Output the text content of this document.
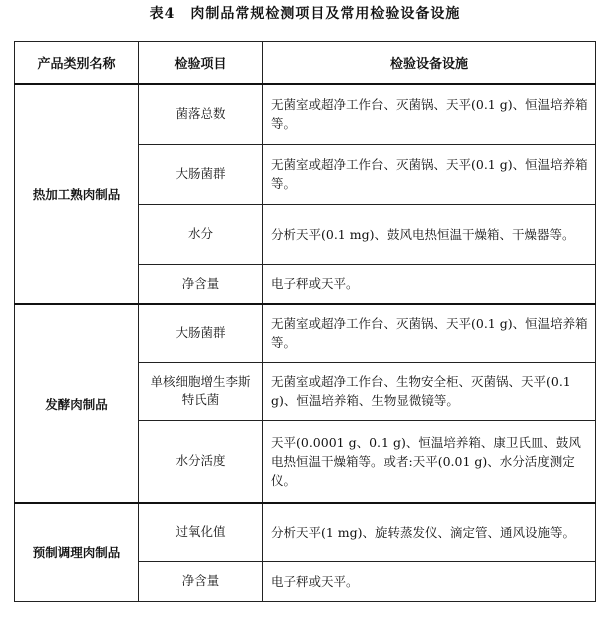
表4　肉制品常规检测项目及常用检验设备设施
产品类别名称	检验项目	检验设备设施
热加工熟肉制品	菌落总数	无菌室或超净工作台、灭菌锅、天平(0.1 g)、恒温培养箱等。
	大肠菌群	无菌室或超净工作台、灭菌锅、天平(0.1 g)、恒温培养箱等。
	水分	分析天平(0.1 mg)、鼓风电热恒温干燥箱、干燥器等。
	净含量	电子秤或天平。
发酵肉制品	大肠菌群	无菌室或超净工作台、灭菌锅、天平(0.1 g)、恒温培养箱等。
	单核细胞增生李斯特氏菌	无菌室或超净工作台、生物安全柜、灭菌锅、天平(0.1 g)、恒温培养箱、生物显微镜等。
	水分活度	天平(0.0001 g、0.1 g)、恒温培养箱、康卫氏皿、鼓风电热恒温干燥箱等。或者:天平(0.01 g)、水分活度测定仪。
预制调理肉制品	过氧化值	分析天平(1 mg)、旋转蒸发仪、滴定管、通风设施等。
	净含量	电子秤或天平。
